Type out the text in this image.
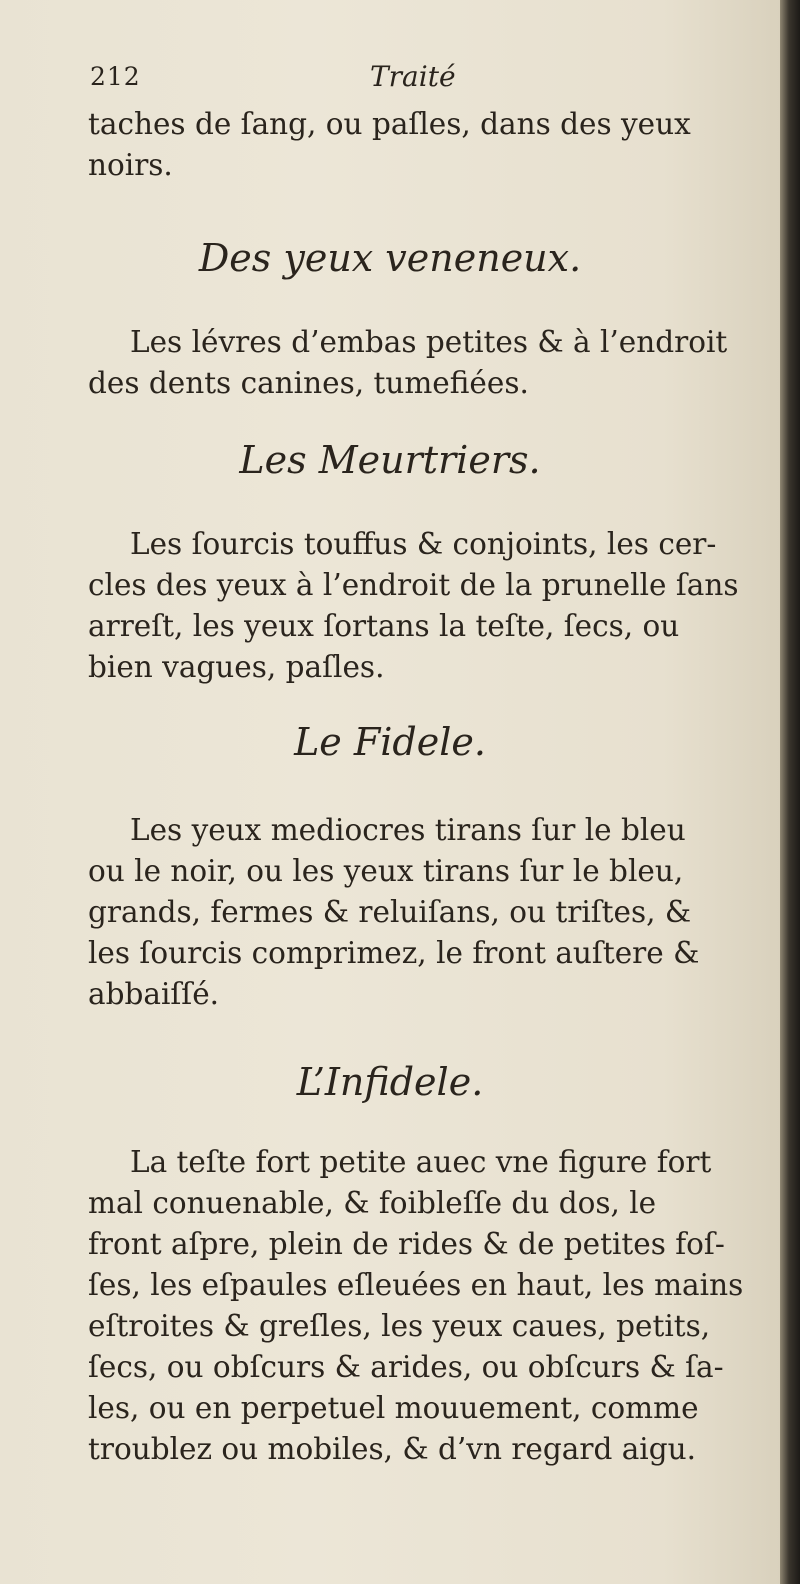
212	Traité
taches de ſang, ou paſles, dans des yeux
noirs.
Des yeux veneneux.
Les lévres d’embas petites & à l’endroit
des dents canines, tumefiées.
Les Meurtriers.
Les ſourcis touffus & conjoints, les cer-
cles des yeux à l’endroit de la prunelle ſans
arreſt, les yeux ſortans la teſte, ſecs, ou
bien vagues, paſles.
Le Fidele.
Les yeux mediocres tirans ſur le bleu
ou le noir, ou les yeux tirans ſur le bleu,
grands, fermes & reluiſans, ou triſtes, &
les ſourcis comprimez, le front auſtere &
abbaiſſé.
L’Infidele.
La teſte fort petite auec vne figure fort
mal conuenable, & foibleſſe du dos, le
front aſpre, plein de rides & de petites foſ-
ſes, les eſpaules eſleuées en haut, les mains
eſtroites & greſles, les yeux caues, petits,
ſecs, ou obſcurs & arides, ou obſcurs & ſa-
les, ou en perpetuel mouuement, comme
troublez ou mobiles, & d’vn regard aigu.
